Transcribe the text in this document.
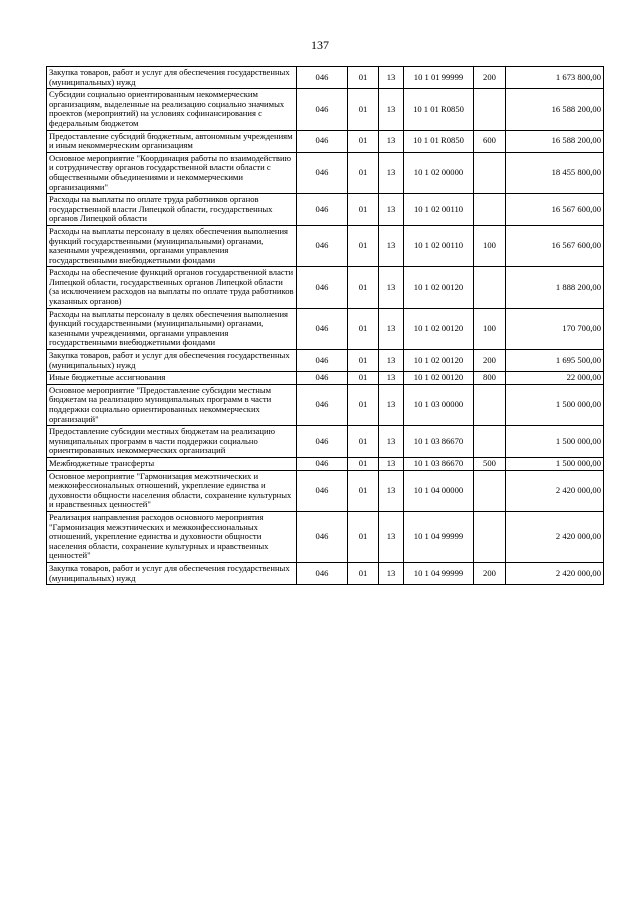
137
Закупка товаров, работ и услуг для обеспечения государственных (муниципальных) нужд	046	01	13	10 1 01 99999	200	1 673 800,00
Субсидии социально ориентированным некоммерческим организациям, выделенные на реализацию социально значимых проектов (мероприятий) на условиях софинансирования с федеральным бюджетом	046	01	13	10 1 01 R0850		16 588 200,00
Предоставление субсидий бюджетным, автономным учреждениям и иным некоммерческим организациям	046	01	13	10 1 01 R0850	600	16 588 200,00
Основное мероприятие "Координация работы по взаимодействию и сотрудничеству органов государственной власти области с общественными объединениями и некоммерческими организациями"	046	01	13	10 1 02 00000		18 455 800,00
Расходы на выплаты по оплате труда работников органов государственной власти Липецкой области, государственных органов Липецкой области	046	01	13	10 1 02 00110		16 567 600,00
Расходы на выплаты персоналу в целях обеспечения выполнения функций государственными (муниципальными) органами, казенными учреждениями, органами управления государственными внебюджетными фондами	046	01	13	10 1 02 00110	100	16 567 600,00
Расходы на обеспечение функций органов государственной власти Липецкой области, государственных органов Липецкой области (за исключением расходов на выплаты по оплате труда работников указанных органов)	046	01	13	10 1 02 00120		1 888 200,00
Расходы на выплаты персоналу в целях обеспечения выполнения функций государственными (муниципальными) органами, казенными учреждениями, органами управления государственными внебюджетными фондами	046	01	13	10 1 02 00120	100	170 700,00
Закупка товаров, работ и услуг для обеспечения государственных (муниципальных) нужд	046	01	13	10 1 02 00120	200	1 695 500,00
Иные бюджетные ассигнования	046	01	13	10 1 02 00120	800	22 000,00
Основное мероприятие "Предоставление субсидии местным бюджетам на реализацию муниципальных программ в части поддержки социально ориентированных некоммерческих организаций"	046	01	13	10 1 03 00000		1 500 000,00
Предоставление субсидии местных бюджетам на реализацию муниципальных программ в части поддержки социально ориентированных некоммерческих организаций	046	01	13	10 1 03 86670		1 500 000,00
Межбюджетные трансферты	046	01	13	10 1 03 86670	500	1 500 000,00
Основное мероприятие "Гармонизация межэтнических и межконфессиональных отношений, укрепление единства и духовности общности населения области, сохранение культурных и нравственных ценностей"	046	01	13	10 1 04 00000		2 420 000,00
Реализация направления расходов основного мероприятия "Гармонизация межэтнических и межконфессиональных отношений, укрепление единства и духовности общности населения области, сохранение культурных и нравственных ценностей"	046	01	13	10 1 04 99999		2 420 000,00
Закупка товаров, работ и услуг для обеспечения государственных (муниципальных) нужд	046	01	13	10 1 04 99999	200	2 420 000,00
